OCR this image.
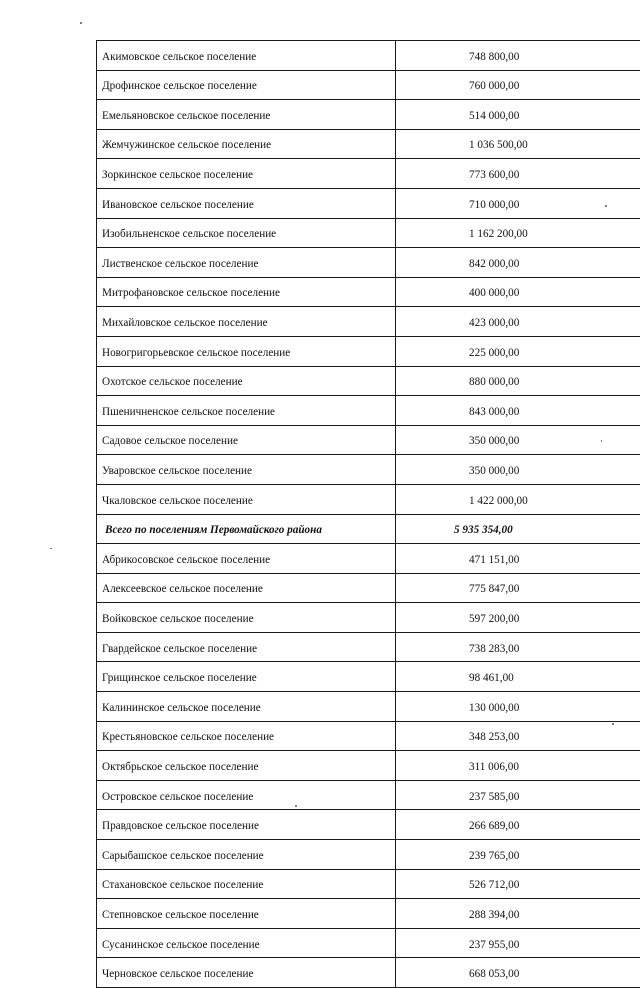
Акимовское сельское поселение	748 800,00
Дрофинское сельское поселение	760 000,00
Емельяновское сельское поселение	514 000,00
Жемчужинское сельское поселение	1 036 500,00
Зоркинское сельское поселение	773 600,00
Ивановское сельское поселение	710 000,00
Изобильненское сельское поселение	1 162 200,00
Лиственское сельское поселение	842 000,00
Митрофановское сельское поселение	400 000,00
Михайловское сельское поселение	423 000,00
Новогригорьевское сельское поселение	225 000,00
Охотское сельское поселение	880 000,00
Пшеничненское сельское поселение	843 000,00
Садовое сельское поселение	350 000,00
Уваровское сельское поселение	350 000,00
Чкаловское сельское поселение	1 422 000,00
Всего по поселениям Первомайского района	5 935 354,00
Абрикосовское сельское поселение	471 151,00
Алексеевское сельское поселение	775 847,00
Войковское сельское поселение	597 200,00
Гвардейское сельское поселение	738 283,00
Грищинское сельское поселение	98 461,00
Калининское сельское поселение	130 000,00
Крестьяновское сельское поселение	348 253,00
Октябрьское сельское поселение	311 006,00
Островское сельское поселение	237 585,00
Правдовское сельское поселение	266 689,00
Сарыбашское сельское поселение	239 765,00
Стахановское сельское поселение	526 712,00
Степновское сельское поселение	288 394,00
Сусанинское сельское поселение	237 955,00
Черновское сельское поселение	668 053,00
